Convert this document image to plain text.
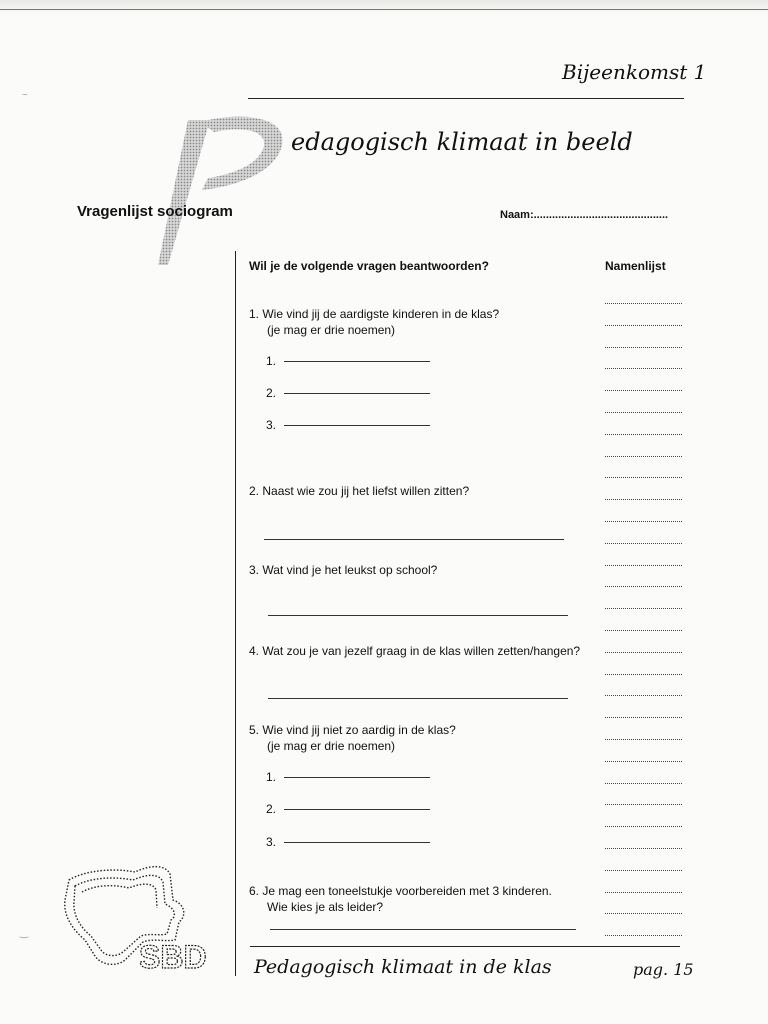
Bijeenkomst 1
edagogisch klimaat in beeld
Vragenlijst sociogram	Naam:............................................
Wil je de volgende vragen beantwoorden?	Namenlijst
1. Wie vind jij de aardigste kinderen in de klas?
(je mag er drie noemen)
1.
2.
3.
2. Naast wie zou jij het liefst willen zitten?
3. Wat vind je het leukst op school?
4. Wat zou je van jezelf graag in de klas willen zetten/hangen?
5. Wie vind jij niet zo aardig in de klas?
(je mag er drie noemen)
1.
2.
3.
6. Je mag een toneelstukje voorbereiden met 3 kinderen.
Wie kies je als leider?
Pedagogisch klimaat in de klas	pag. 15
SBD
~
‿
